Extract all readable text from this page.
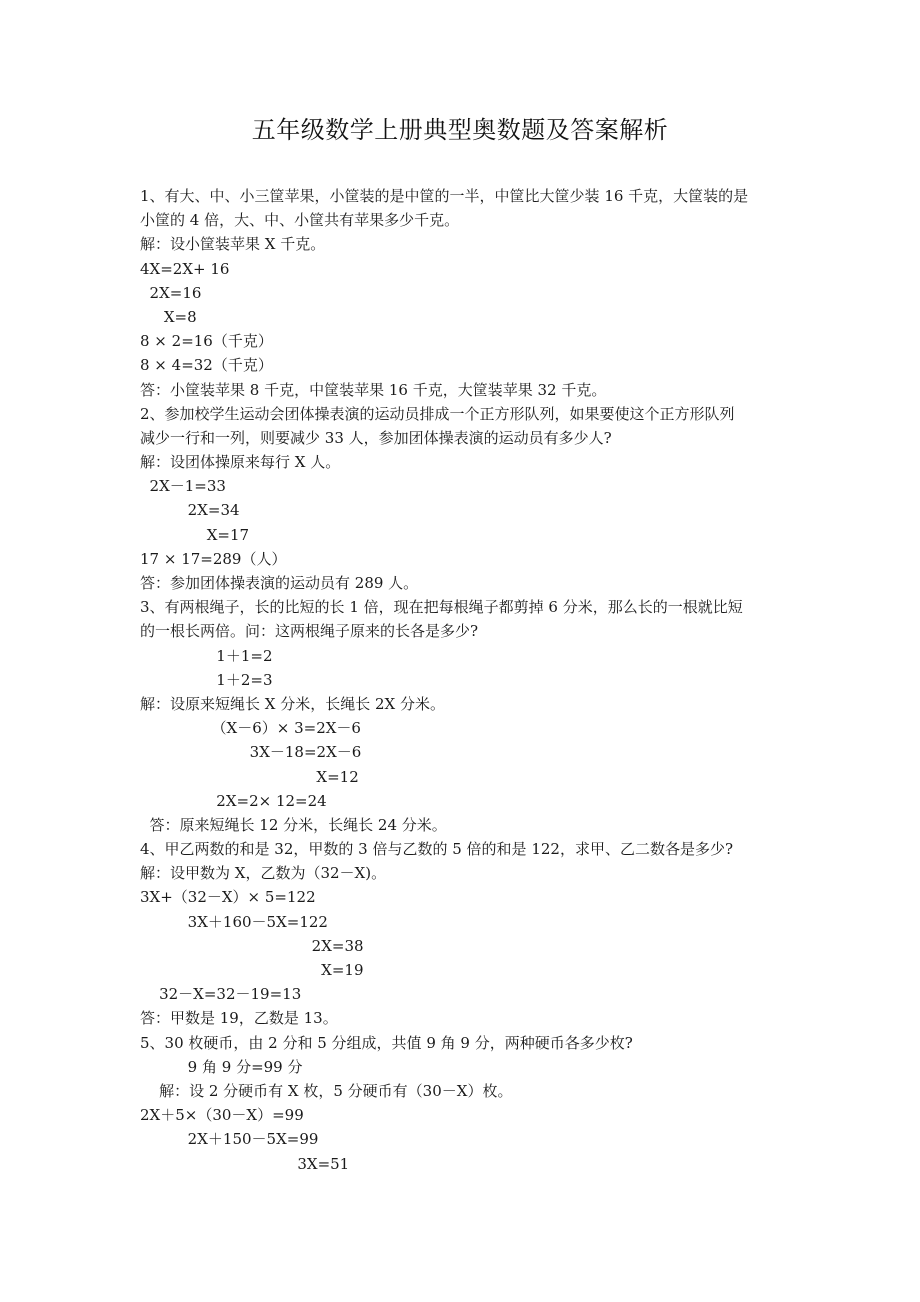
五年级数学上册典型奥数题及答案解析
1、有大、中、小三筐苹果，小筐装的是中筐的一半，中筐比大筐少装 16 千克，大筐装的是
小筐的 4 倍，大、中、小筐共有苹果多少千克。
解：设小筐装苹果 X 千克。
4X=2X+ 16
2X=16
X=8
8 × 2=16（千克）
8 × 4=32（千克）
答：小筐装苹果 8 千克，中筐装苹果 16 千克，大筐装苹果 32 千克。
2、参加校学生运动会团体操表演的运动员排成一个正方形队列，如果要使这个正方形队列
减少一行和一列，则要减少 33 人，参加团体操表演的运动员有多少人?
解：设团体操原来每行 X 人。
2X－1=33
2X=34
X=17
17 × 17=289（人）
答：参加团体操表演的运动员有 289 人。
3、有两根绳子，长的比短的长 1 倍，现在把每根绳子都剪掉 6 分米，那么长的一根就比短
的一根长两倍。问：这两根绳子原来的长各是多少?
1＋1=2
1＋2=3
解：设原来短绳长 X 分米，长绳长 2X 分米。
（X－6）× 3=2X－6
3X－18=2X－6
X=12
2X=2× 12=24
答：原来短绳长 12 分米，长绳长 24 分米。
4、甲乙两数的和是 32，甲数的 3 倍与乙数的 5 倍的和是 122，求甲、乙二数各是多少?
解：设甲数为 X，乙数为（32－X)。
3X+（32－X）× 5=122
3X＋160－5X=122
2X=38
X=19
32－X=32－19=13
答：甲数是 19，乙数是 13。
5、30 枚硬币，由 2 分和 5 分组成，共值 9 角 9 分，两种硬币各多少枚?
9 角 9 分=99 分
解：设 2 分硬币有 X 枚，5 分硬币有（30－X）枚。
2X＋5×（30－X）=99
2X＋150－5X=99
3X=51
